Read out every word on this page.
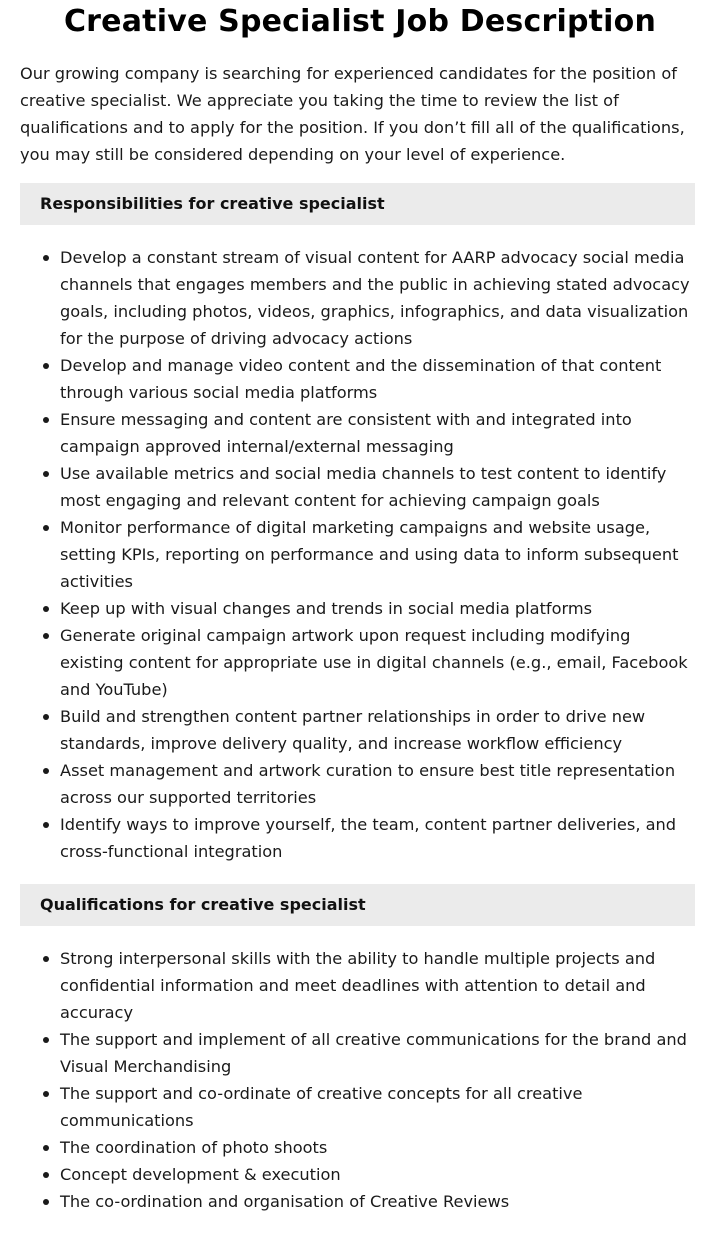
Creative Specialist Job Description

Our growing company is searching for experienced candidates for the position of creative specialist. We appreciate you taking the time to review the list of qualifications and to apply for the position. If you don’t fill all of the qualifications, you may still be considered depending on your level of experience.

Responsibilities for creative specialist
Develop a constant stream of visual content for AARP advocacy social media channels that engages members and the public in achieving stated advocacy goals, including photos, videos, graphics, infographics, and data visualization for the purpose of driving advocacy actions
Develop and manage video content and the dissemination of that content through various social media platforms
Ensure messaging and content are consistent with and integrated into campaign approved internal/external messaging
Use available metrics and social media channels to test content to identify most engaging and relevant content for achieving campaign goals
Monitor performance of digital marketing campaigns and website usage, setting KPIs, reporting on performance and using data to inform subsequent activities
Keep up with visual changes and trends in social media platforms
Generate original campaign artwork upon request including modifying existing content for appropriate use in digital channels (e.g., email, Facebook and YouTube)
Build and strengthen content partner relationships in order to drive new standards, improve delivery quality, and increase workflow efficiency
Asset management and artwork curation to ensure best title representation across our supported territories
Identify ways to improve yourself, the team, content partner deliveries, and cross-functional integration
Qualifications for creative specialist
Strong interpersonal skills with the ability to handle multiple projects and confidential information and meet deadlines with attention to detail and accuracy
The support and implement of all creative communications for the brand and Visual Merchandising
The support and co-ordinate of creative concepts for all creative communications
The coordination of photo shoots
Concept development & execution
The co-ordination and organisation of Creative Reviews
